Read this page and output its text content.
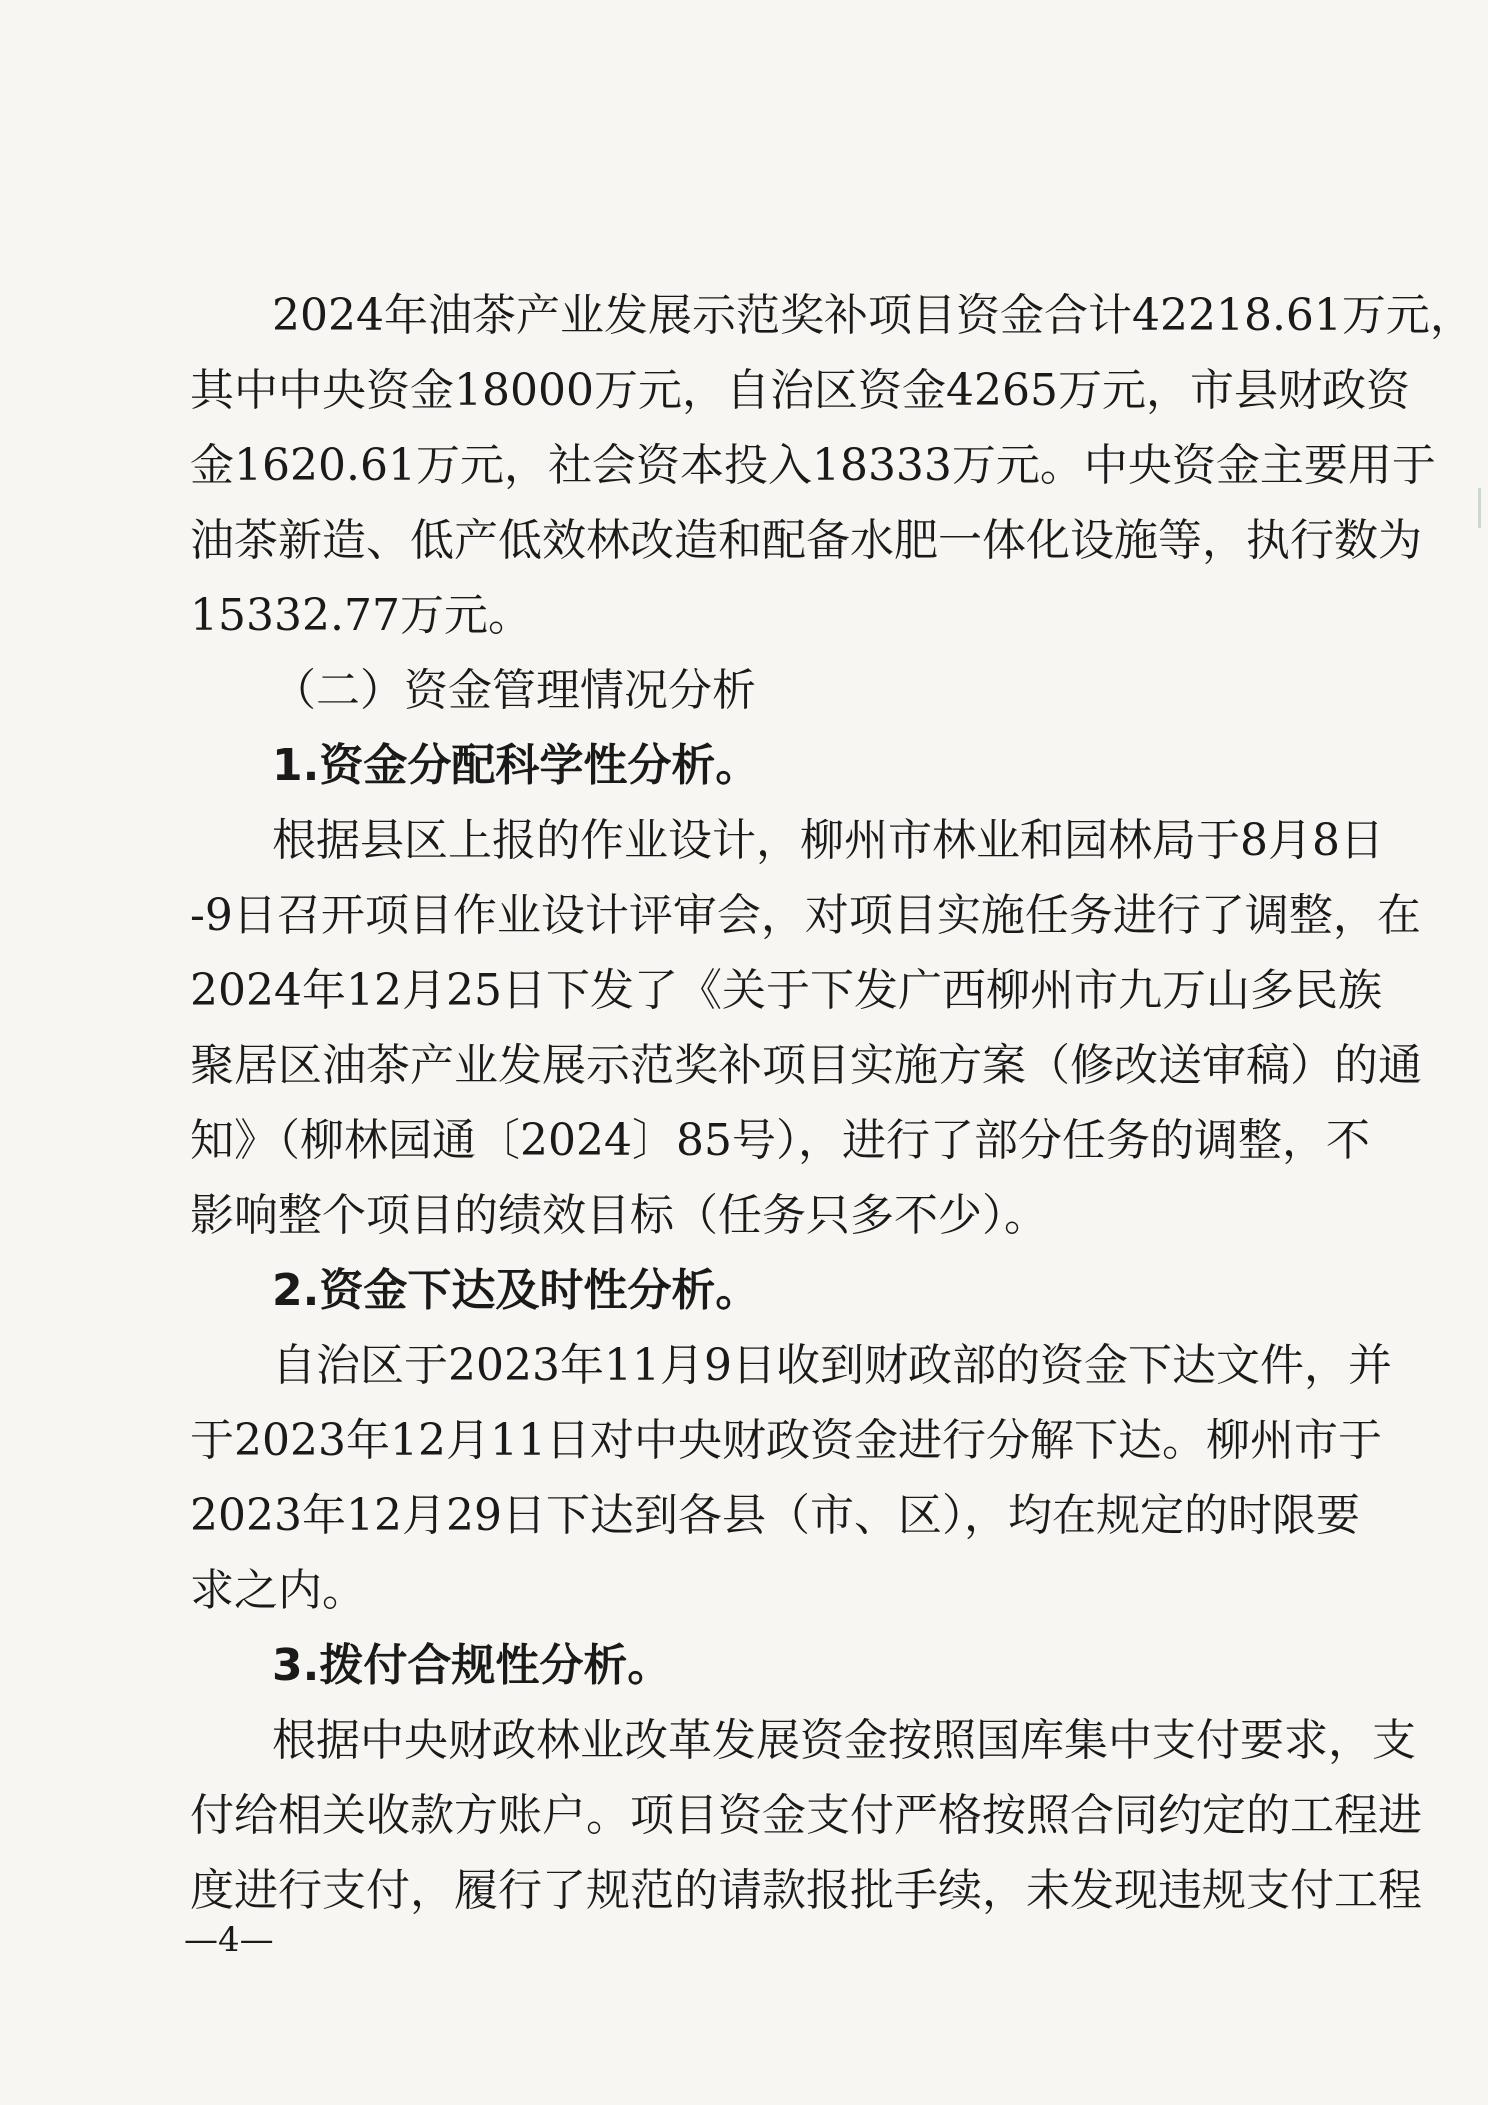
2024年油茶产业发展示范奖补项目资金合计42218.61万元，
其中中央资金18000万元，自治区资金4265万元，市县财政资
金1620.61万元，社会资本投入18333万元。中央资金主要用于
油茶新造、低产低效林改造和配备水肥一体化设施等，执行数为
15332.77万元。
（二）资金管理情况分析
1.资金分配科学性分析。
根据县区上报的作业设计，柳州市林业和园林局于8月8日
-9日召开项目作业设计评审会，对项目实施任务进行了调整，在
2024年12月25日下发了《关于下发广西柳州市九万山多民族
聚居区油茶产业发展示范奖补项目实施方案（修改送审稿）的通
知》（柳林园通〔2024〕85号），进行了部分任务的调整，不
影响整个项目的绩效目标（任务只多不少）。
2.资金下达及时性分析。
自治区于2023年11月9日收到财政部的资金下达文件，并
于2023年12月11日对中央财政资金进行分解下达。柳州市于
2023年12月29日下达到各县（市、区），均在规定的时限要
求之内。
3.拨付合规性分析。
根据中央财政林业改革发展资金按照国库集中支付要求，支
付给相关收款方账户。项目资金支付严格按照合同约定的工程进
度进行支付，履行了规范的请款报批手续，未发现违规支付工程
—4—
